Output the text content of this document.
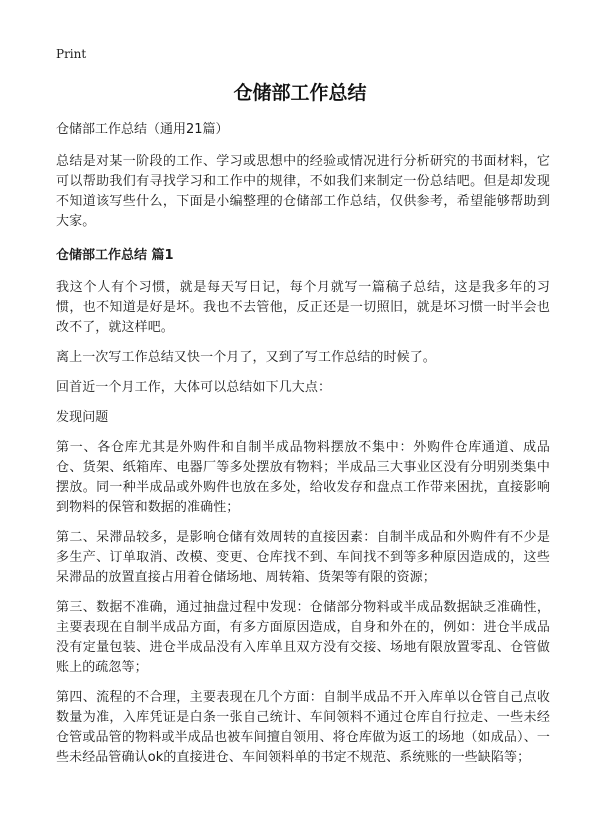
Print
仓储部工作总结

仓储部工作总结（通用21篇）

总结是对某一阶段的工作、学习或思想中的经验或情况进行分析研究的书面材料，它可以帮助我们有寻找学习和工作中的规律，不如我们来制定一份总结吧。但是却发现不知道该写些什么，下面是小编整理的仓储部工作总结，仅供参考，希望能够帮助到大家。

仓储部工作总结 篇1

我这个人有个习惯，就是每天写日记，每个月就写一篇稿子总结，这是我多年的习惯，也不知道是好是坏。我也不去管他，反正还是一切照旧，就是坏习惯一时半会也改不了，就这样吧。

离上一次写工作总结又快一个月了，又到了写工作总结的时候了。

回首近一个月工作，大体可以总结如下几大点：

发现问题

第一、各仓库尤其是外购件和自制半成品物料摆放不集中：外购件仓库通道、成品仓、货架、纸箱库、电器厂等多处摆放有物料；半成品三大事业区没有分明别类集中摆放。同一种半成品或外购件也放在多处，给收发存和盘点工作带来困扰，直接影响到物料的保管和数据的准确性；

第二、呆滞品较多，是影响仓储有效周转的直接因素：自制半成品和外购件有不少是多生产、订单取消、改模、变更、仓库找不到、车间找不到等多种原因造成的，这些呆滞品的放置直接占用着仓储场地、周转箱、货架等有限的资源；

第三、数据不准确，通过抽盘过程中发现：仓储部分物料或半成品数据缺乏准确性，主要表现在自制半成品方面，有多方面原因造成，自身和外在的，例如：进仓半成品没有定量包装、进仓半成品没有入库单且双方没有交接、场地有限放置零乱、仓管做账上的疏忽等；

第四、流程的不合理，主要表现在几个方面：自制半成品不开入库单以仓管自己点收数量为准，入库凭证是白条一张自己统计、车间领料不通过仓库自行拉走、一些未经仓管或品管的物料或半成品也被车间擅自领用、将仓库做为返工的场地（如成品）、一些未经品管确认ok的直接进仓、车间领料单的书定不规范、系统账的一些缺陷等；
